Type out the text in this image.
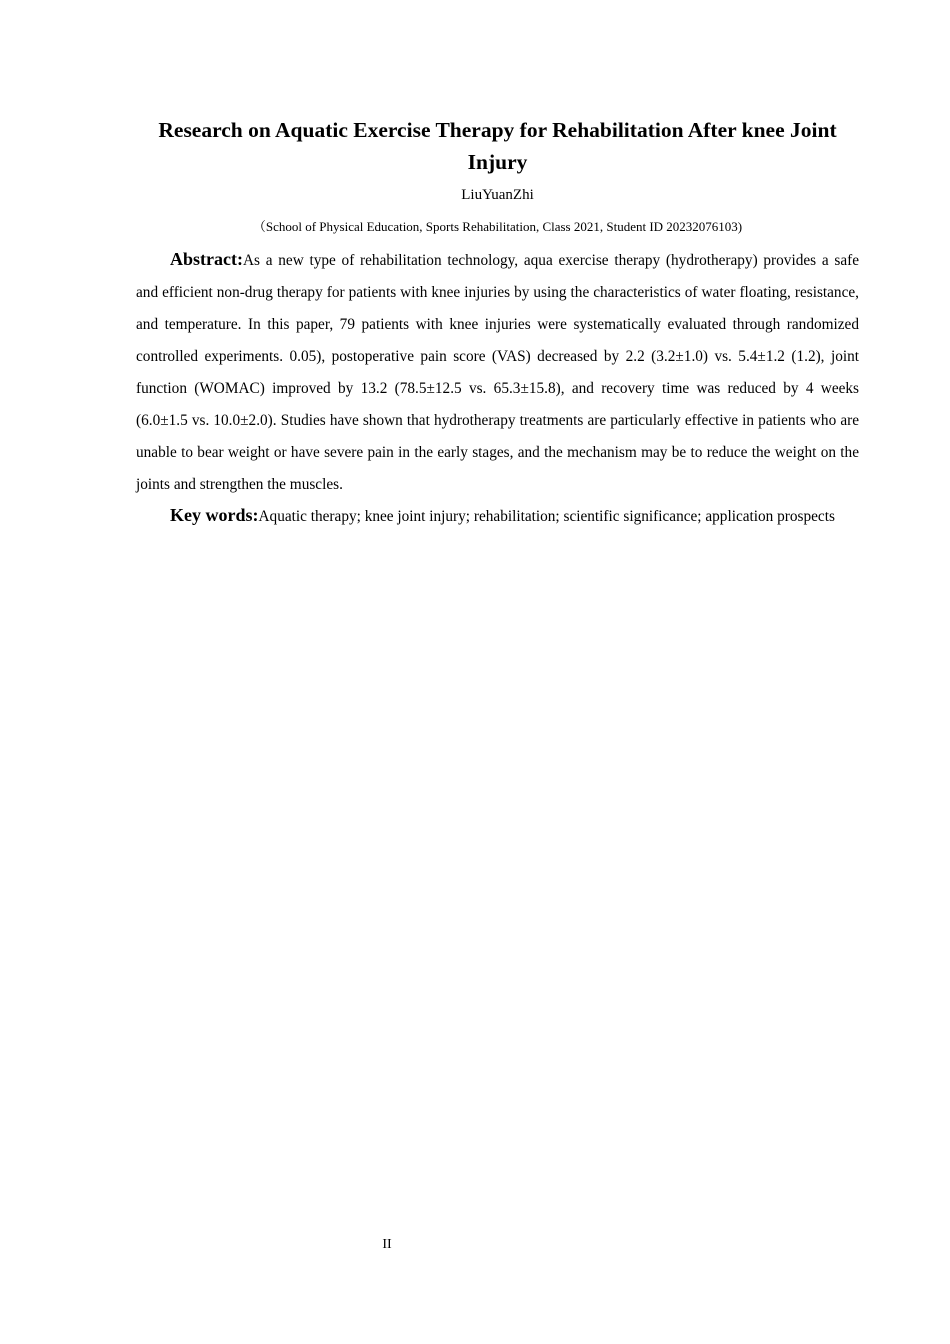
Research on Aquatic Exercise Therapy for Rehabilitation After knee Joint Injury
LiuYuanZhi
（School of Physical Education, Sports Rehabilitation, Class 2021, Student ID 20232076103)

Abstract:As a new type of rehabilitation technology, aqua exercise therapy (hydrotherapy) provides a safe and efficient non-drug therapy for patients with knee injuries by using the characteristics of water floating, resistance, and temperature. In this paper, 79 patients with knee injuries were systematically evaluated through randomized controlled experiments. 0.05), postoperative pain score (VAS) decreased by 2.2 (3.2±1.0) vs. 5.4±1.2 (1.2), joint function (WOMAC) improved by 13.2 (78.5±12.5 vs. 65.3±15.8), and recovery time was reduced by 4 weeks (6.0±1.5 vs. 10.0±2.0). Studies have shown that hydrotherapy treatments are particularly effective in patients who are unable to bear weight or have severe pain in the early stages, and the mechanism may be to reduce the weight on the joints and strengthen the muscles.

Key words:Aquatic therapy; knee joint injury; rehabilitation; scientific significance; application prospects

II
